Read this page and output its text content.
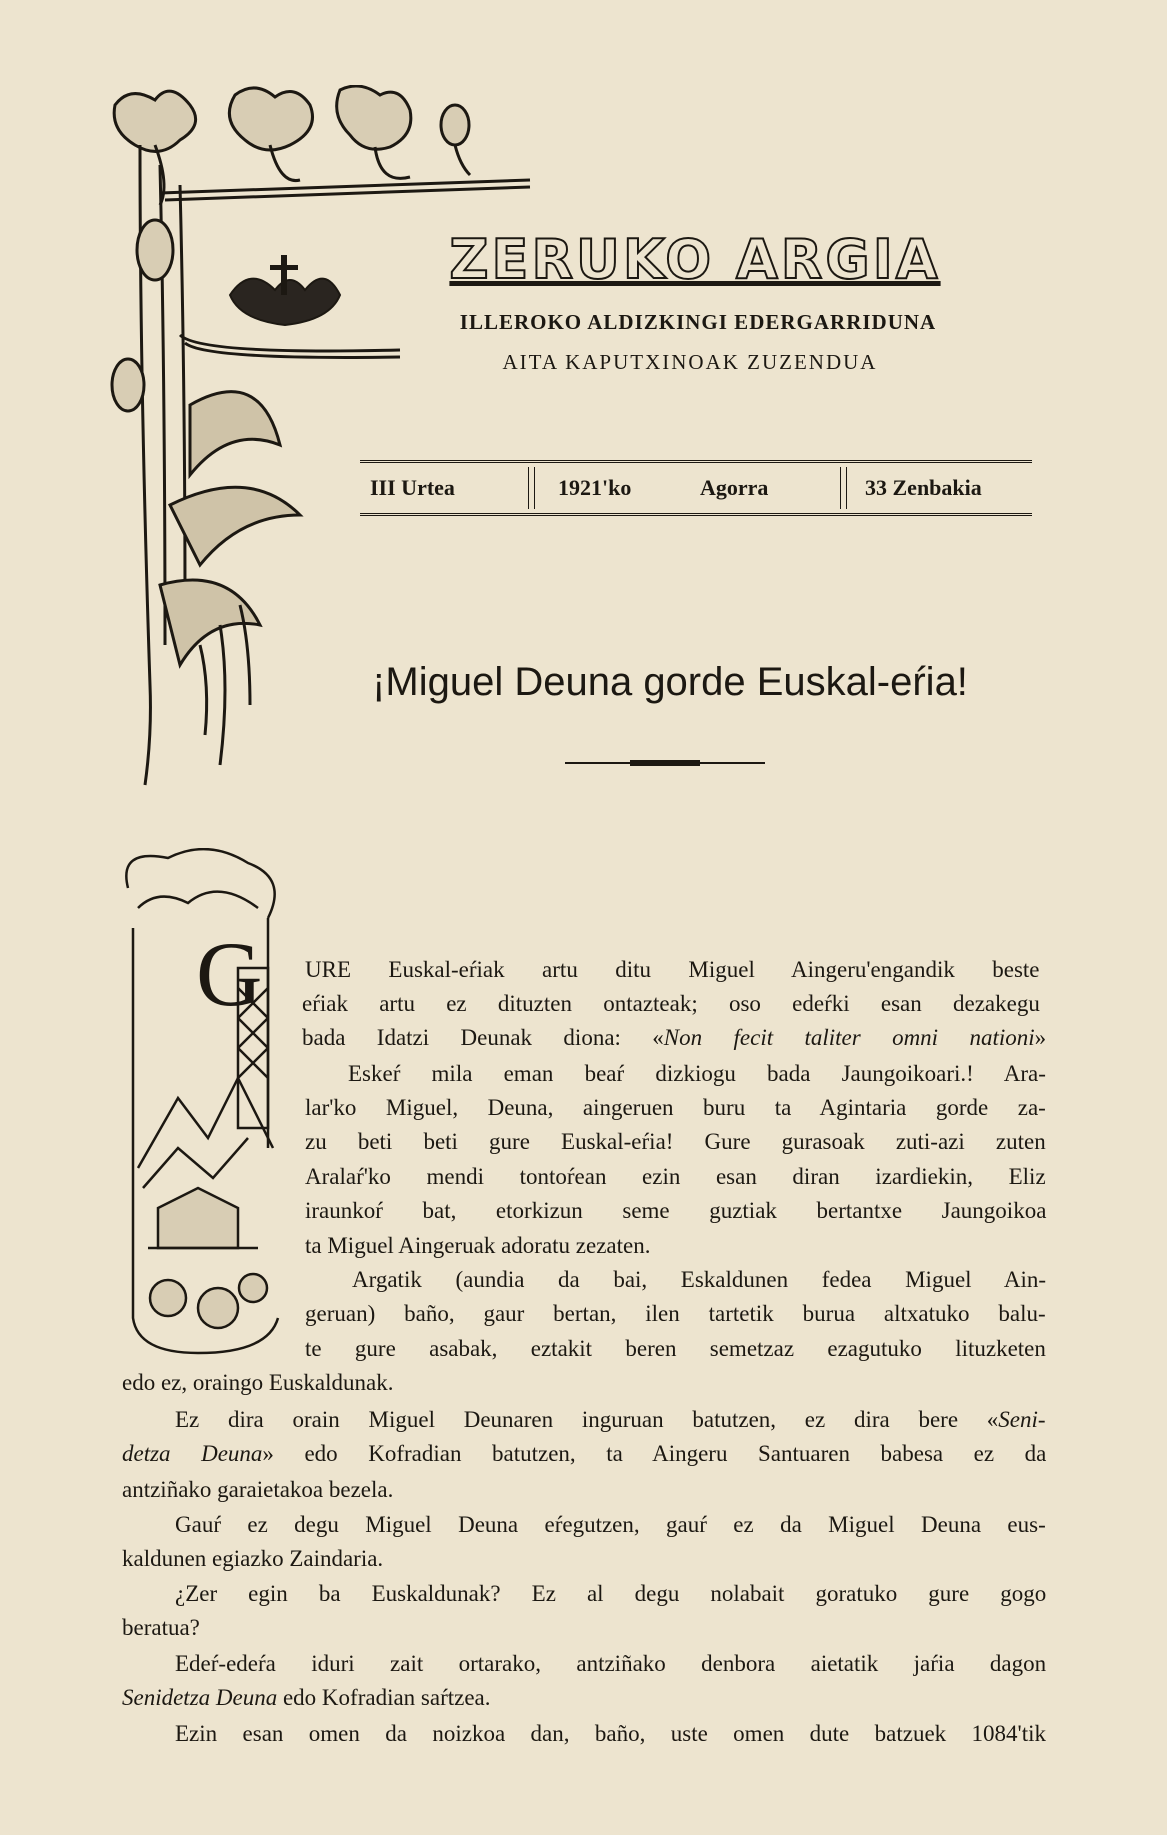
ZERUKO ARGIA
ILLEROKO ALDIZKINGI EDERGARRIDUNA
AITA KAPUTXINOAK ZUZENDUA
III Urtea	1921'ko	Agorra	33 Zenbakia
¡Miguel Deuna gorde Euskal-eŕia!
G URE Euskal-eŕiak artu ditu Miguel Aingeru'engandik beste
eŕiak artu ez dituzten ontazteak; oso edeŕki esan dezakegu
bada Idatzi Deunak diona: «Non fecit taliter omni nationi»
Eskeŕ mila eman beaŕ dizkiogu bada Jaungoikoari.! Ara-
lar'ko Miguel, Deuna, aingeruen buru ta Agintaria gorde za-
zu beti beti gure Euskal-eŕia! Gure gurasoak zuti-azi zuten
Aralaŕ'ko mendi tontoŕean ezin esan diran izardiekin, Eliz
iraunkoŕ bat, etorkizun seme guztiak bertantxe Jaungoikoa
ta Miguel Aingeruak adoratu zezaten.
Argatik (aundia da bai, Eskaldunen fedea Miguel Ain-
geruan) baño, gaur bertan, ilen tartetik burua altxatuko balu-
te gure asabak, eztakit beren semetzaz ezagutuko lituzketen
edo ez, oraingo Euskaldunak.
Ez dira orain Miguel Deunaren inguruan batutzen, ez dira bere «Seni-
detza Deuna» edo Kofradian batutzen, ta Aingeru Santuaren babesa ez da
antziñako garaietakoa bezela.
Gauŕ ez degu Miguel Deuna eŕegutzen, gauŕ ez da Miguel Deuna eus-
kaldunen egiazko Zaindaria.
¿Zer egin ba Euskaldunak? Ez al degu nolabait goratuko gure gogo
beratua?
Edeŕ-edeŕa iduri zait ortarako, antziñako denbora aietatik jaŕia dagon
Senidetza Deuna edo Kofradian saŕtzea.
Ezin esan omen da noizkoa dan, baño, uste omen dute batzuek 1084'tik
